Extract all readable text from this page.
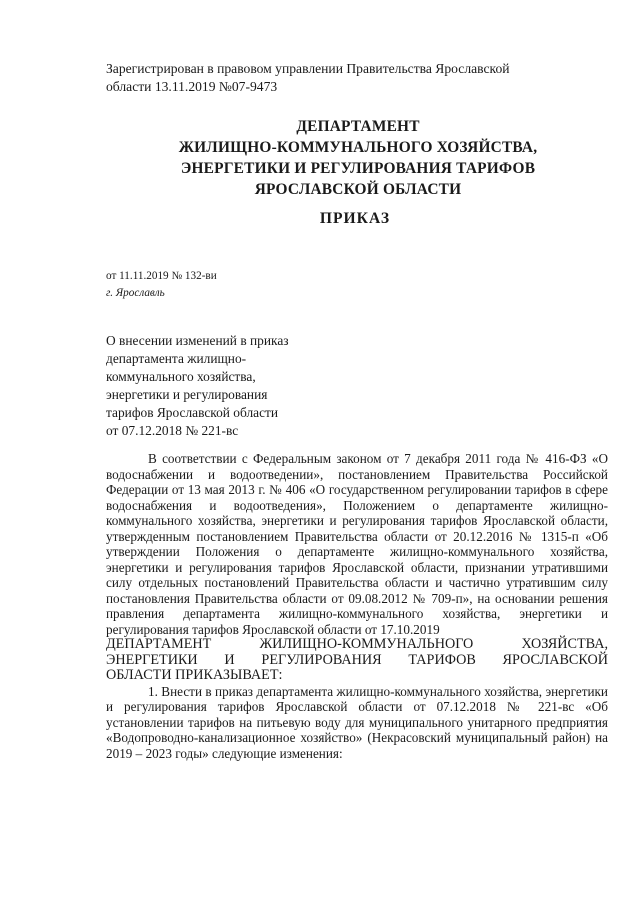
Зарегистрирован в правовом управлении Правительства Ярославской
области 13.11.2019 №07-9473
ДЕПАРТАМЕНТ
ЖИЛИЩНО-КОММУНАЛЬНОГО ХОЗЯЙСТВА,
ЭНЕРГЕТИКИ И РЕГУЛИРОВАНИЯ ТАРИФОВ
ЯРОСЛАВСКОЙ ОБЛАСТИ
ПРИКАЗ
от 11.11.2019 № 132-ви
г. Ярославль
О внесении изменений в приказ
департамента жилищно-
коммунального хозяйства,
энергетики и регулирования
тарифов Ярославской области
от 07.12.2018 № 221-вс

В соответствии с Федеральным законом от 7 декабря 2011 года № 416-ФЗ «О водоснабжении и водоотведении», постановлением Правительства Российской Федерации от 13 мая 2013 г. № 406 «О государственном регулировании тарифов в сфере водоснабжения и водоотведения», Положением о департаменте жилищно-коммунального хозяйства, энергетики и регулирования тарифов Ярославской области, утвержденным постановлением Правительства области от 20.12.2016 № 1315-п «Об утверждении Положения о департаменте жилищно-коммунального хозяйства, энергетики и регулирования тарифов Ярославской области, признании утратившими силу отдельных постановлений Правительства области и частично утратившим силу постановления Правительства области от 09.08.2012 № 709-п», на основании решения правления департамента жилищно-коммунального хозяйства, энергетики и регулирования тарифов Ярославской области от 17.10.2019

ДЕПАРТАМЕНТ ЖИЛИЩНО-КОММУНАЛЬНОГО ХОЗЯЙСТВА,

ЭНЕРГЕТИКИ И РЕГУЛИРОВАНИЯ ТАРИФОВ ЯРОСЛАВСКОЙ

ОБЛАСТИ ПРИКАЗЫВАЕТ:

1. Внести в приказ департамента жилищно-коммунального хозяйства, энергетики и регулирования тарифов Ярославской области от 07.12.2018 № 221-вс «Об установлении тарифов на питьевую воду для муниципального унитарного предприятия «Водопроводно-канализационное хозяйство» (Некрасовский муниципальный район) на 2019 – 2023 годы» следующие изменения:
